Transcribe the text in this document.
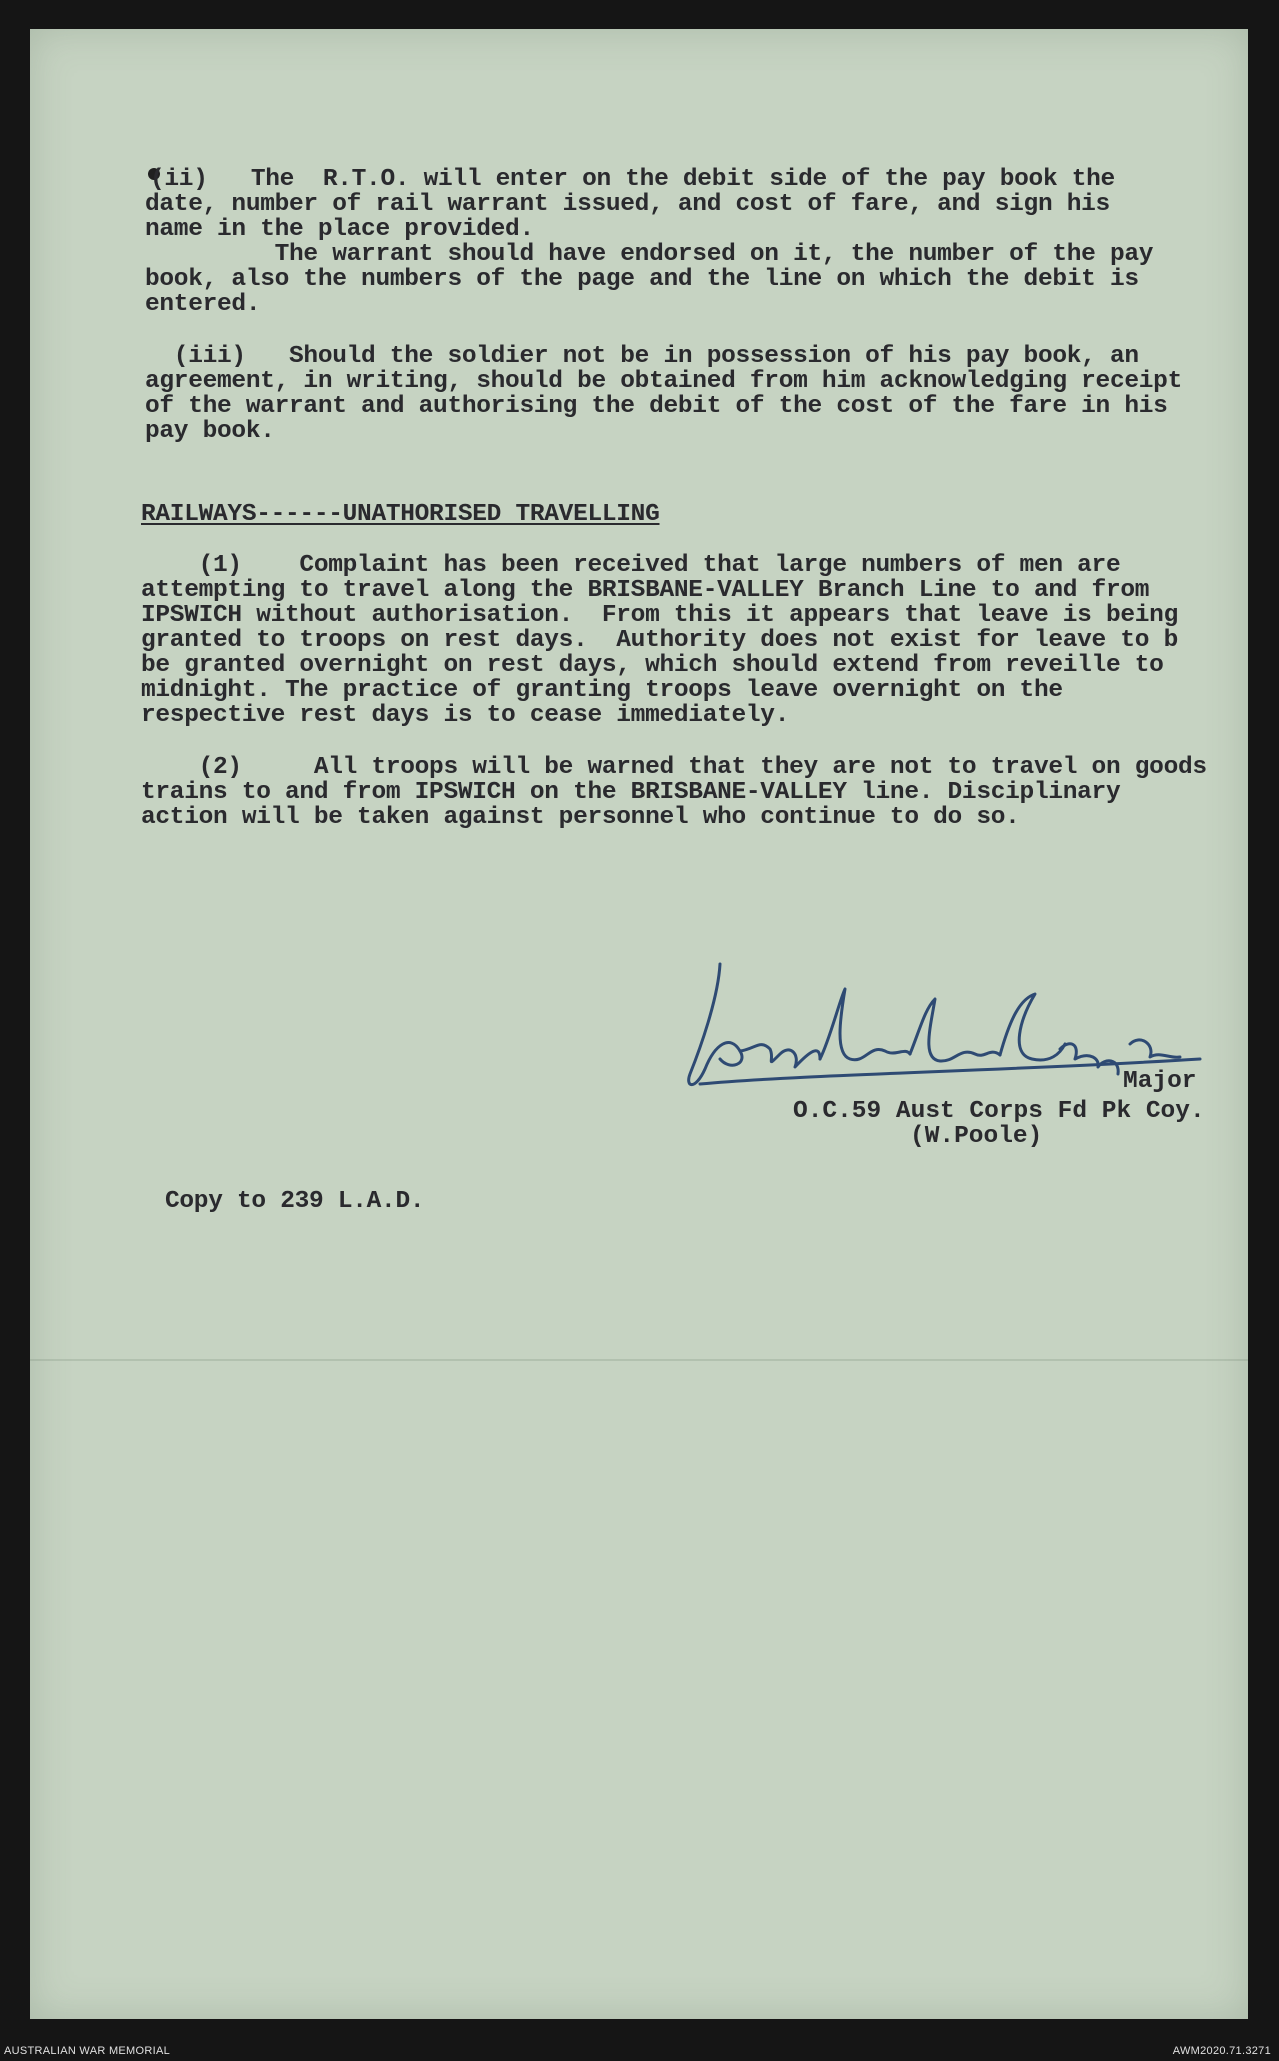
(ii)   The  R.T.O. will enter on the debit side of the pay book the

date, number of rail warrant issued, and cost of fare, and sign his

name in the place provided.

The warrant should have endorsed on it, the number of the pay

book, also the numbers of the page and the line on which the debit is

entered.

(iii)   Should the soldier not be in possession of his pay book, an

agreement, in writing, should be obtained from him acknowledging receipt

of the warrant and authorising the debit of the cost of the fare in his

pay book.

RAILWAYS------UNATHORISED TRAVELLING

(1)    Complaint has been received that large numbers of men are

attempting to travel along the BRISBANE-VALLEY Branch Line to and from

IPSWICH without authorisation.  From this it appears that leave is being

granted to troops on rest days.  Authority does not exist for leave to b

be granted overnight on rest days, which should extend from reveille to

midnight. The practice of granting troops leave overnight on the

respective rest days is to cease immediately.

(2)     All troops will be warned that they are not to travel on goods

trains to and from IPSWICH on the BRISBANE-VALLEY line. Disciplinary

action will be taken against personnel who continue to do so.

Major

O.C.59 Aust Corps Fd Pk Coy.

(W.Poole)

Copy to 239 L.A.D.

AUSTRALIAN WAR MEMORIAL	AWM2020.71.3271
